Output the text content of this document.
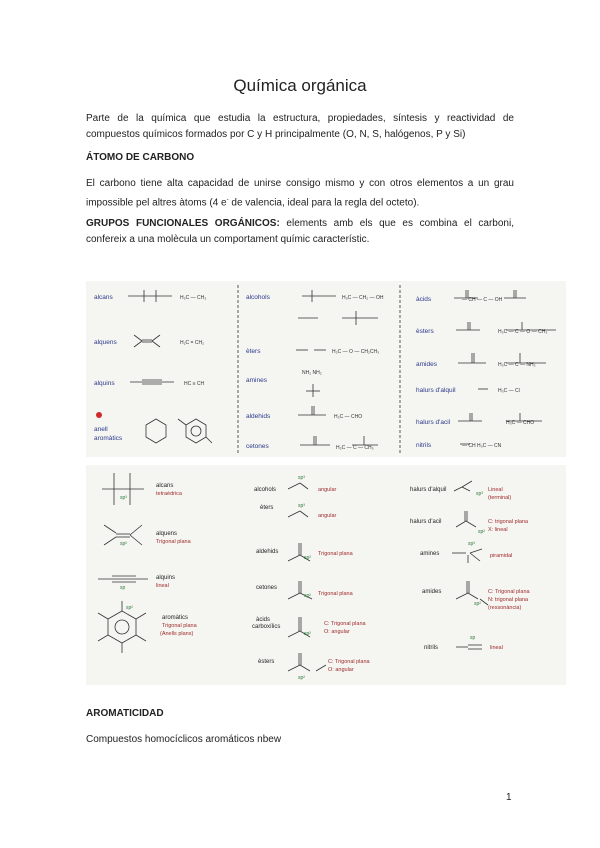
Química orgánica
Parte de la química que estudia la estructura, propiedades, síntesis y reactividad de compuestos químicos formados por C y H principalmente (O, N, S, halógenos, P y Si)
ÁTOMO DE CARBONO
El carbono tiene alta capacidad de unirse consigo mismo y con otros elementos a un grau impossible pel altres àtoms (4 e- de valencia, ideal para la regla del octeto).
GRUPOS FUNCIONALES ORGÁNICOS: elements amb els que es combina el carboni, confereix a una molècula un comportament químic característic.
alcans
alquens
alquins
anell
aromàtics
alcohols
èters
amines
aldehids
cetones
àcids
èsters
amides
halurs d'alquil
halurs d'acil
nitrils
H₃C — CH₃
H₂C = CH₂
HC ≡ CH
H₃C — CH₂ — OH
H₃C — O — CH₂CH₃
NH₂ NH₂
H₃C — CHO
H₃C — C — CH₃
— CH — C — OH
H₃C — C — O — CH₃
H₃C — C — NH₂
H₃C — Cl
H₃C — CHO
— CH H₃C — CN
sp³
sp²
sp
sp²
sp³
sp³
sp²
sp²
sp²
sp²
sp³
sp²
sp³
sp²
sp
alcans
alquens
alquins
aromàtics
alcohols
èters
aldehids
cetones
àcids
carboxílics
èsters
halurs d'alquil
halurs d'acil
amines
amides
nitrils
tetraèdrica
Trigonal plana
lineal
Trigonal plana
(Anells plans)
angular
angular
Trigonal plana
Trigonal plana
C: Trigonal plana
O: angular
C: Trigonal plana
O: angular
Lineal
(terminal)
C: trigonal plana
X: lineal
piramidal
C: Trigonal plana
N: trigonal plana
(ressonància)
lineal
AROMATICIDAD
Compuestos homocíclicos aromáticos nbew
1
